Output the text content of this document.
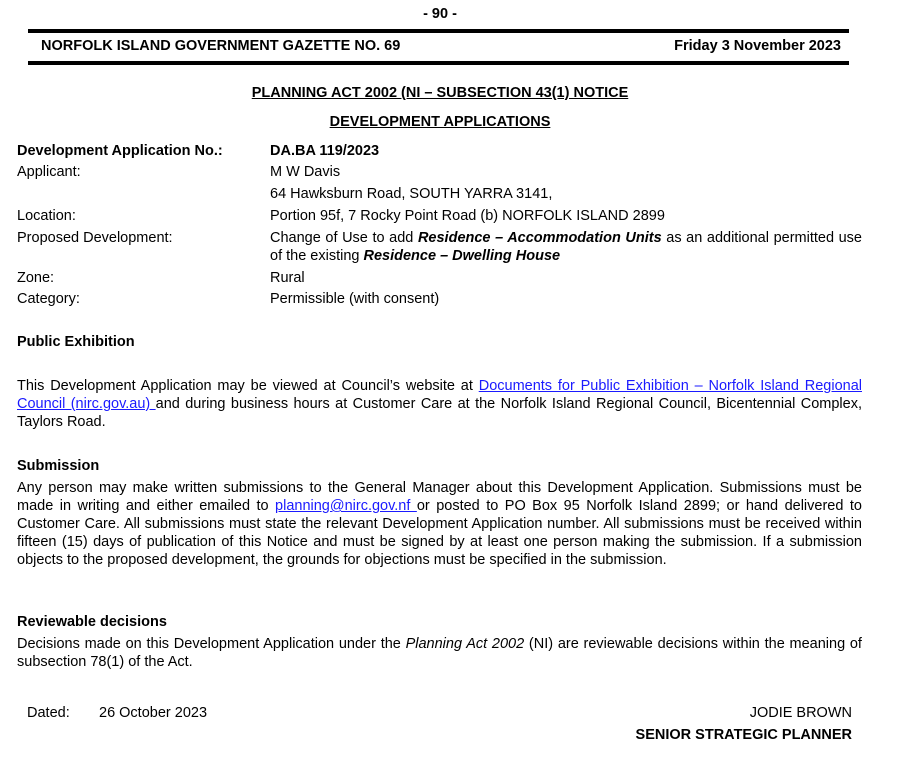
- 90 -
NORFOLK ISLAND GOVERNMENT GAZETTE NO. 69	Friday 3 November 2023
PLANNING ACT 2002 (NI – SUBSECTION 43(1) NOTICE
DEVELOPMENT APPLICATIONS
Development Application No.:	DA.BA 119/2023
Applicant:	M W Davis
64 Hawksburn Road, SOUTH YARRA 3141,
Location:	Portion 95f, 7 Rocky Point Road (b) NORFOLK ISLAND 2899
Proposed Development:	Change of Use to add Residence – Accommodation Units as an additional permitted use of the existing Residence – Dwelling House
Zone:	Rural
Category:	Permissible (with consent)
Public Exhibition
This Development Application may be viewed at Council’s website at Documents for Public Exhibition – Norfolk Island Regional Council (nirc.gov.au) and during business hours at Customer Care at the Norfolk Island Regional Council, Bicentennial Complex, Taylors Road.
Submission
Any person may make written submissions to the General Manager about this Development Application. Submissions must be made in writing and either emailed to planning@nirc.gov.nf or posted to PO Box 95 Norfolk Island 2899; or hand delivered to Customer Care. All submissions must state the relevant Development Application number. All submissions must be received within fifteen (15) days of publication of this Notice and must be signed by at least one person making the submission. If a submission objects to the proposed development, the grounds for objections must be specified in the submission.
Reviewable decisions
Decisions made on this Development Application under the Planning Act 2002 (NI) are reviewable decisions within the meaning of subsection 78(1) of the Act.
Dated: 26 October 2023	JODIE BROWN
SENIOR STRATEGIC PLANNER
